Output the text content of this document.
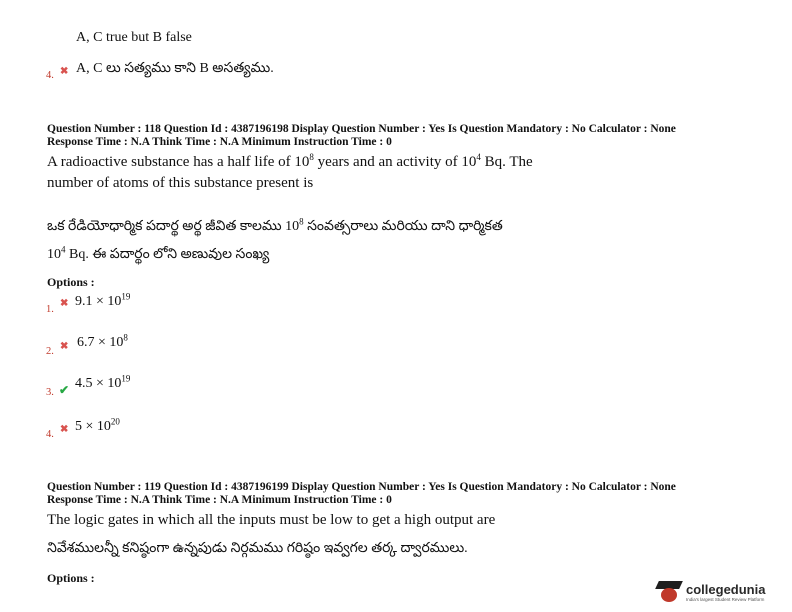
A, C true but B false
4. ✖ A, C లు సత్యము కాని B అసత్యము.
Question Number : 118 Question Id : 4387196198 Display Question Number : Yes Is Question Mandatory : No Calculator : None
Response Time : N.A Think Time : N.A Minimum Instruction Time : 0
A radioactive substance has a half life of $10^8$ years and an activity of $10^4$ Bq. The
number of atoms of this substance present is
ఒక రేడియోధార్మిక పదార్థ అర్థ జీవిత కాలము $10^8$ సంవత్సరాలు మరియు దాని ధార్మికత
$10^4$ Bq. ఈ పదార్థం లోని అణువుల సంఖ్య
Options :
1.
✖ $9.1 \times 10^{19}$
2. ✖ $6.7 \times 10^8$
3. ✔ $4.5 \times 10^{19}$
4. ✖ $5 \times 10^{20}$
Question Number : 119 Question Id : 4387196199 Display Question Number : Yes Is Question Mandatory : No Calculator : None
Response Time : N.A Think Time : N.A Minimum Instruction Time : 0
The logic gates in which all the inputs must be low to get a high output are
నివేశములన్నీ కనిష్ఠంగా ఉన్నపుడు నిర్గమము గరిష్ఠం ఇవ్వగల తర్క ద్వారములు.
Options :
collegedunia
India's largest Student Review Platform
